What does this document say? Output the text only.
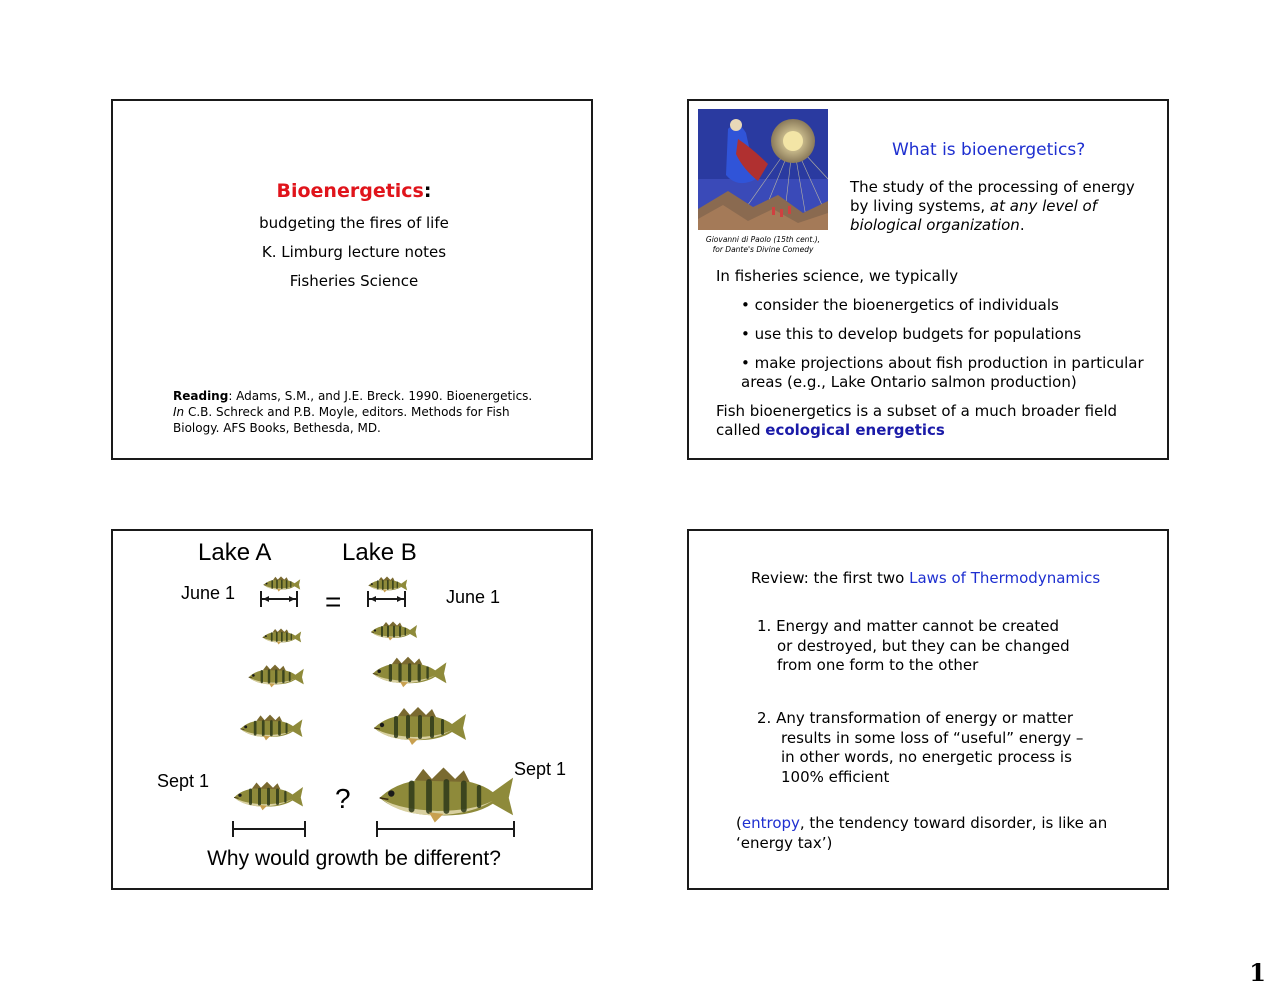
Bioenergetics:
budgeting the fires of life
K. Limburg lecture notes
Fisheries Science
Reading: Adams, S.M., and J.E. Breck. 1990. Bioenergetics.
In C.B. Schreck and P.B. Moyle, editors. Methods for Fish
Biology. AFS Books, Bethesda, MD.
Giovanni di Paolo (15th cent.),
for Dante's Divine Comedy
What is bioenergetics?
The study of the processing of energy
by living systems, at any level of
biological organization.
In fisheries science, we typically
• consider the bioenergetics of individuals
• use this to develop budgets for populations
• make projections about fish production in particular
areas (e.g., Lake Ontario salmon production)
Fish bioenergetics is a subset of a much broader field
called ecological energetics
Lake A	Lake B
June 1	June 1
=
Sept 1
Sept 1
?
Why would growth be different?
Review: the first two Laws of Thermodynamics
1. Energy and matter cannot be created
or destroyed, but they can be changed
from one form to the other
2. Any transformation of energy or matter
results in some loss of “useful” energy –
in other words, no energetic process is
100% efficient
(entropy, the tendency toward disorder, is like an
‘energy tax’)
1
